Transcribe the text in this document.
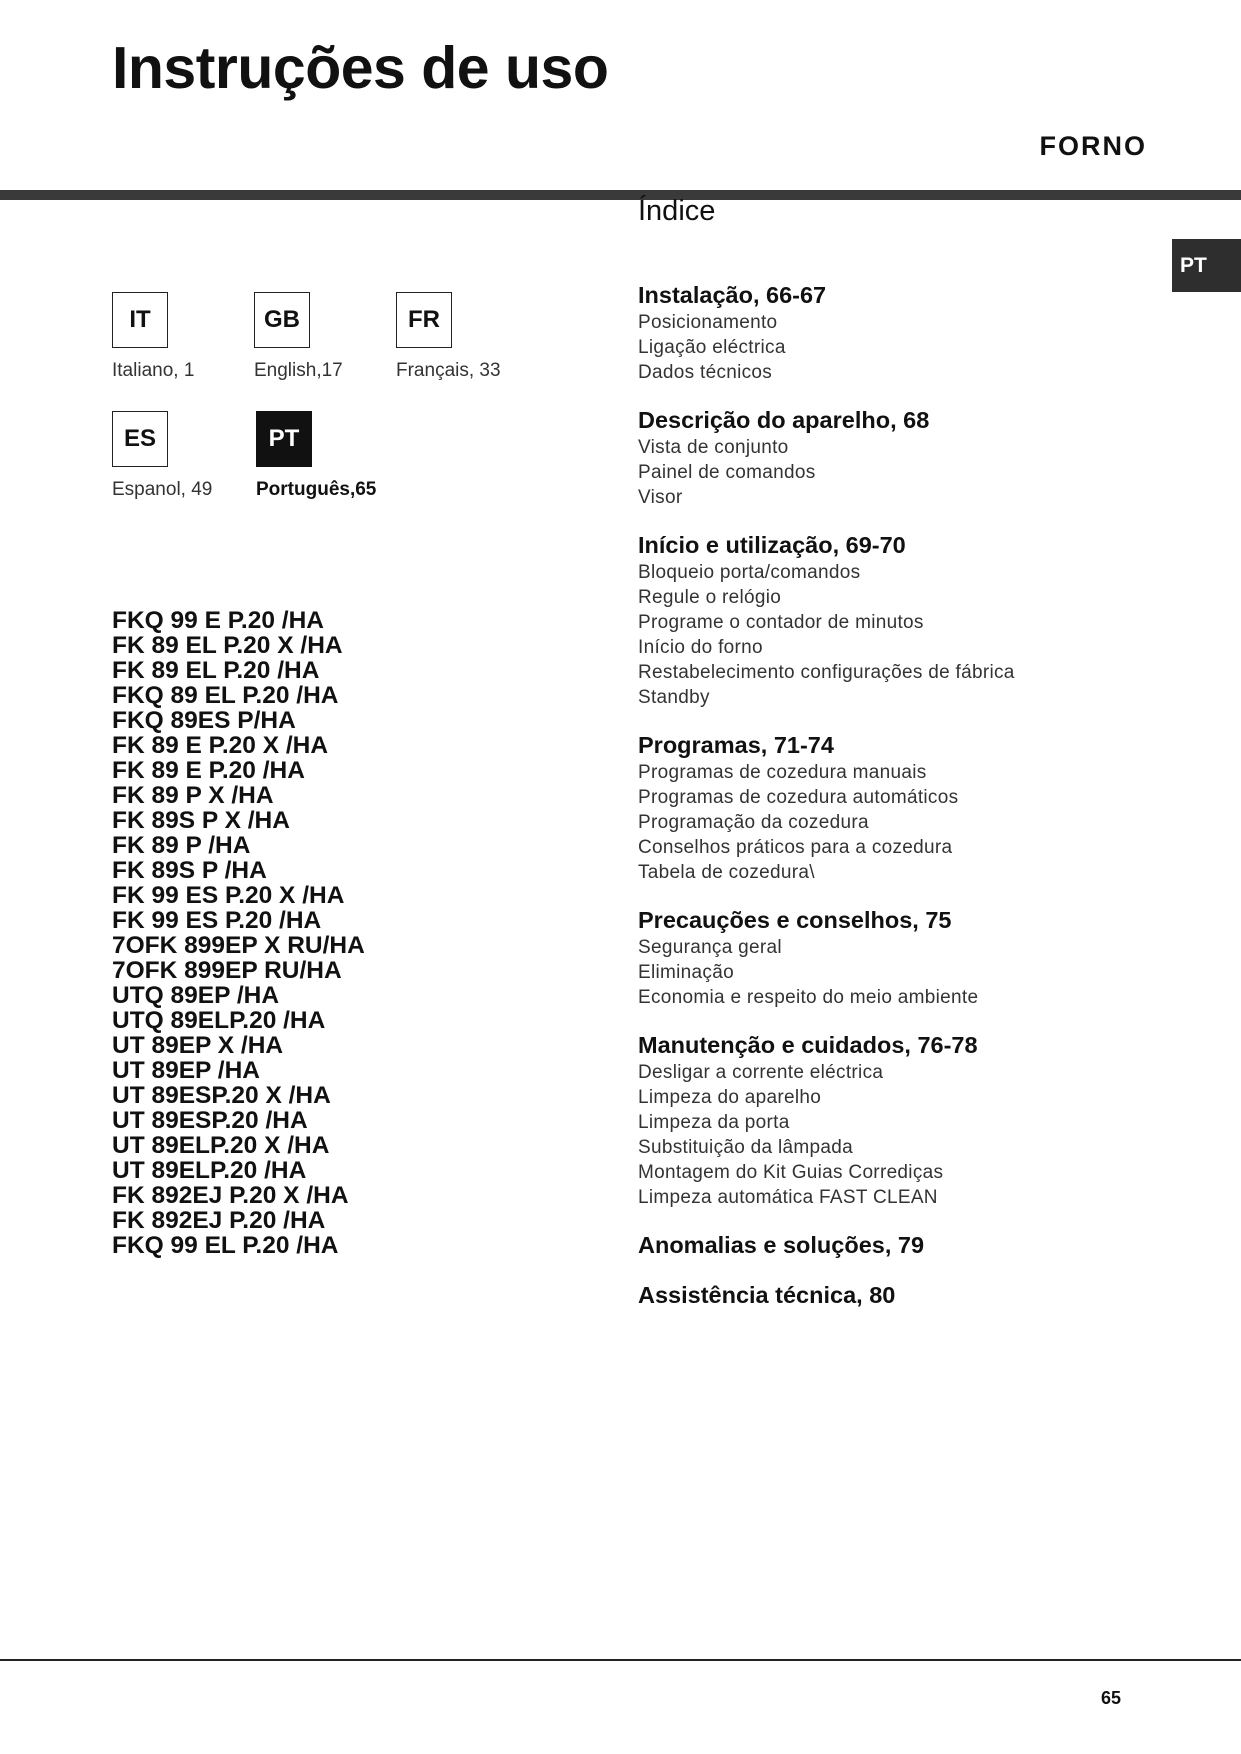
Instruções de uso
FORNO
PT
IT
Italiano, 1
GB
English,17
FR
Français, 33
ES
Espanol, 49
PT
Português,65
FKQ 99 E P.20 /HA
FK 89 EL P.20 X /HA
FK 89 EL P.20 /HA
FKQ 89 EL P.20 /HA
FKQ 89ES P/HA
FK 89 E P.20 X /HA
FK 89 E P.20 /HA
FK 89 P X /HA
FK 89S P X /HA
FK 89 P /HA
FK 89S P /HA
FK 99 ES P.20 X /HA
FK 99 ES P.20 /HA
7OFK 899EP X RU/HA
7OFK 899EP RU/HA
UTQ 89EP /HA
UTQ 89ELP.20 /HA
UT 89EP X /HA
UT 89EP /HA
UT 89ESP.20 X /HA
UT 89ESP.20 /HA
UT 89ELP.20 X /HA
UT 89ELP.20 /HA
FK 892EJ P.20 X /HA
FK 892EJ P.20 /HA
FKQ 99 EL P.20 /HA
Índice
Instalação, 66-67
Posicionamento
Ligação eléctrica
Dados técnicos
Descrição do aparelho, 68
Vista de conjunto
Painel de comandos
Visor
Início e utilização, 69-70
Bloqueio porta/comandos
Regule o relógio
Programe o contador de minutos
Início do forno
Restabelecimento configurações de fábrica
Standby
Programas, 71-74
Programas de cozedura manuais
Programas de cozedura automáticos
Programação da cozedura
Conselhos práticos para a cozedura
Tabela de cozedura\
Precauções e conselhos, 75
Segurança geral
Eliminação
Economia e respeito do meio ambiente
Manutenção e cuidados, 76-78
Desligar a corrente eléctrica
Limpeza do aparelho
Limpeza da porta
Substituição da lâmpada
Montagem do Kit Guias Corrediças
Limpeza automática FAST CLEAN
Anomalias e soluções, 79
Assistência técnica, 80
65
